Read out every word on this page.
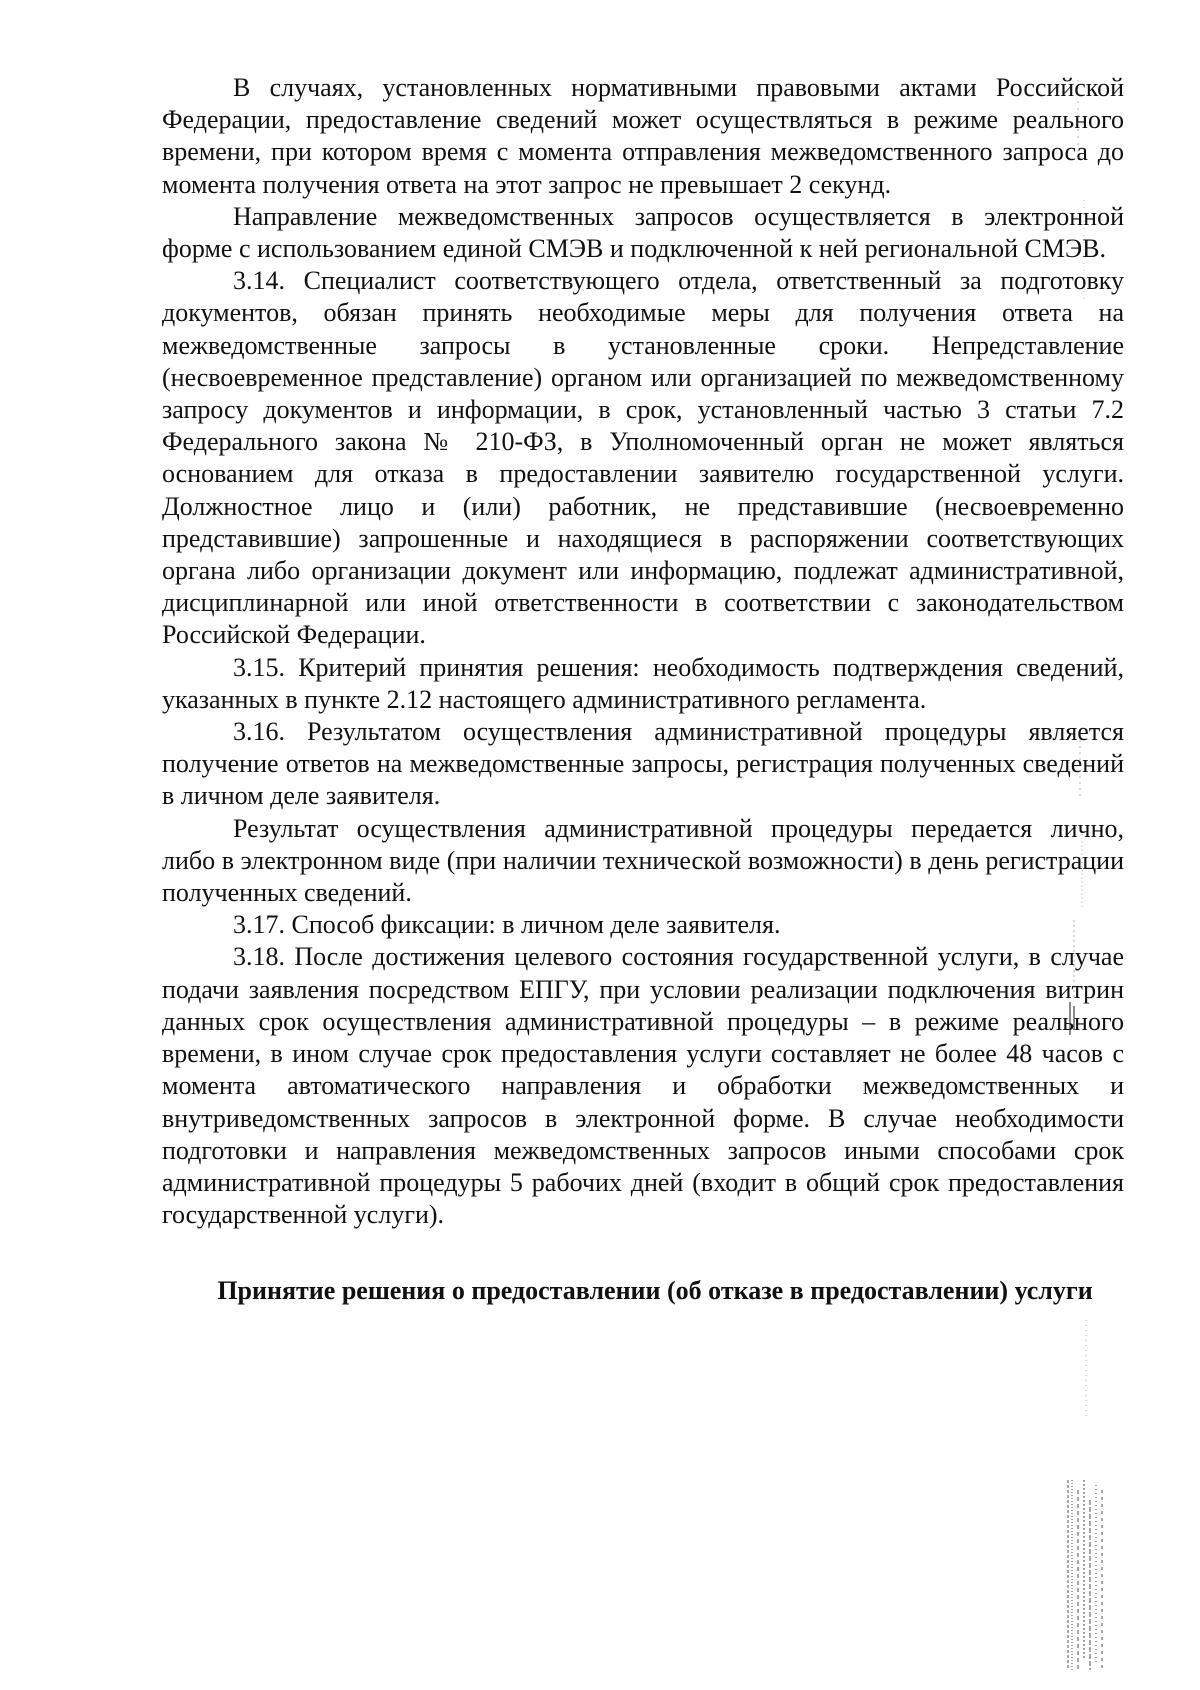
В случаях, установленных нормативными правовыми актами Российской Федерации, предоставление сведений может осуществляться в режиме реального времени, при котором время с момента отправления межведомственного запроса до момента получения ответа на этот запрос не превышает 2 секунд.

Направление межведомственных запросов осуществляется в электронной форме с использованием единой СМЭВ и подключенной к ней региональной СМЭВ.

3.14. Специалист соответствующего отдела, ответственный за подготовку документов, обязан принять необходимые меры для получения ответа на межведомственные запросы в установленные сроки. Непредставление (несвоевременное представление) органом или организацией по межведомственному запросу документов и информации, в срок, установленный частью 3 статьи 7.2 Федерального закона № 210-ФЗ, в Уполномоченный орган не может являться основанием для отказа в предоставлении заявителю государственной услуги. Должностное лицо и (или) работник, не представившие (несвоевременно представившие) запрошенные и находящиеся в распоряжении соответствующих органа либо организации документ или информацию, подлежат административной, дисциплинарной или иной ответственности в соответствии с законодательством Российской Федерации.

3.15. Критерий принятия решения: необходимость подтверждения сведений, указанных в пункте 2.12 настоящего административного регламента.

3.16. Результатом осуществления административной процедуры является получение ответов на межведомственные запросы, регистрация полученных сведений в личном деле заявителя.

Результат осуществления административной процедуры передается лично, либо в электронном виде (при наличии технической возможности) в день регистрации полученных сведений.

3.17. Способ фиксации: в личном деле заявителя.

3.18. После достижения целевого состояния государственной услуги, в случае подачи заявления посредством ЕПГУ, при условии реализации подключения витрин данных срок осуществления административной процедуры – в режиме реального времени, в ином случае срок предоставления услуги составляет не более 48 часов с момента автоматического направления и обработки межведомственных и внутриведомственных запросов в электронной форме. В случае необходимости подготовки и направления межведомственных запросов иными способами срок административной процедуры 5 рабочих дней (входит в общий срок предоставления государственной услуги).

Принятие решения о предоставлении (об отказе в предоставлении) услуги
